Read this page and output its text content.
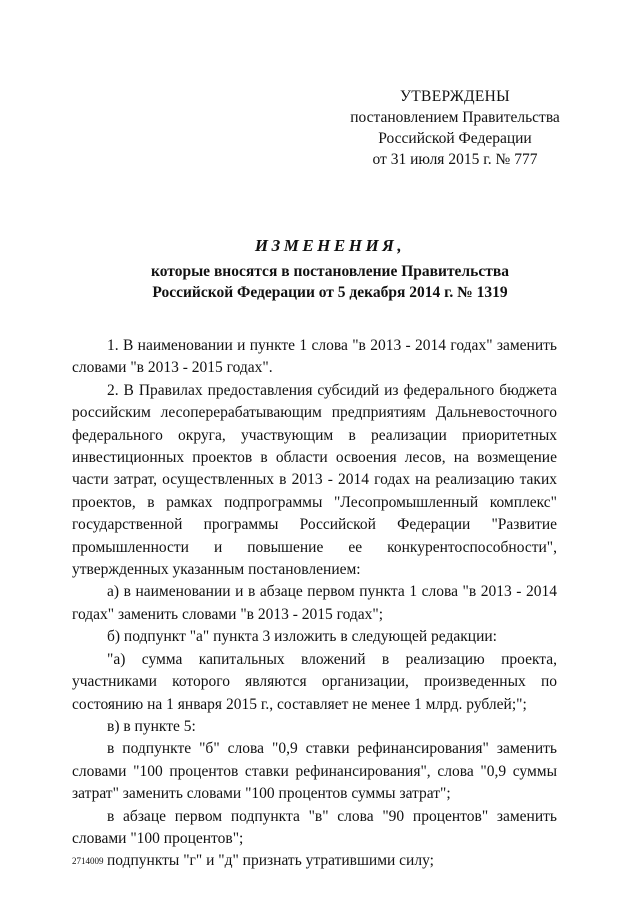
УТВЕРЖДЕНЫ
постановлением Правительства
Российской Федерации
от 31 июля 2015 г. № 777
ИЗМЕНЕНИЯ,
которые вносятся в постановление Правительства
Российской Федерации от 5 декабря 2014 г. № 1319

1. В наименовании и пункте 1 слова "в 2013 - 2014 годах" заменить словами "в 2013 - 2015 годах".

2. В Правилах предоставления субсидий из федерального бюджета российским лесоперерабатывающим предприятиям Дальневосточного федерального округа, участвующим в реализации приоритетных инвестиционных проектов в области освоения лесов, на возмещение части затрат, осуществленных в 2013 - 2014 годах на реализацию таких проектов, в рамках подпрограммы "Лесопромышленный комплекс" государственной программы Российской Федерации "Развитие промышленности и повышение ее конкурентоспособности", утвержденных указанным постановлением:

а) в наименовании и в абзаце первом пункта 1 слова "в 2013 - 2014 годах" заменить словами "в 2013 - 2015 годах";

б) подпункт "а" пункта 3 изложить в следующей редакции:

"а) сумма капитальных вложений в реализацию проекта, участниками которого являются организации, произведенных по состоянию на 1 января 2015 г., составляет не менее 1 млрд. рублей;";

в) в пункте 5:

в подпункте "б" слова "0,9 ставки рефинансирования" заменить словами "100 процентов ставки рефинансирования", слова "0,9 суммы затрат" заменить словами "100 процентов суммы затрат";

в абзаце первом подпункта "в" слова "90 процентов" заменить словами "100 процентов";

подпункты "г" и "д" признать утратившими силу;

2714009
